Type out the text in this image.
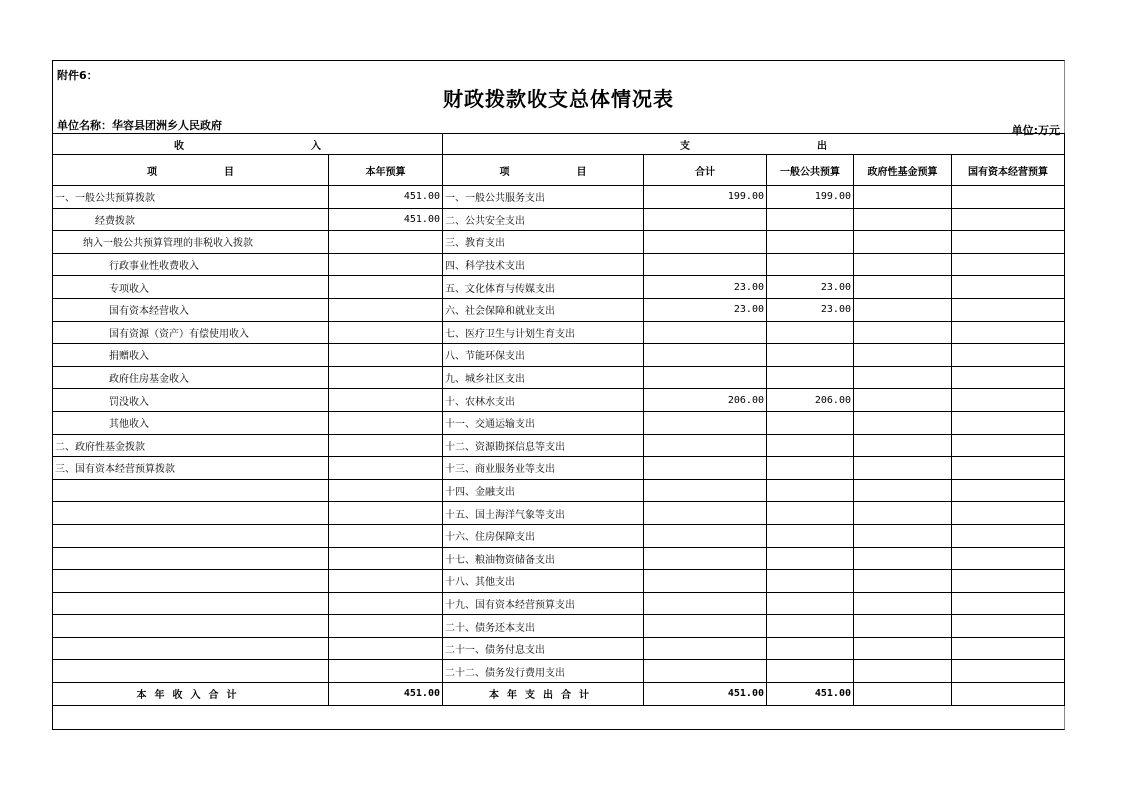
附件6：
财政拨款收支总体情况表
单位名称：华容县团洲乡人民政府	单位:万元
收 入		支 出				
项 目	本年预算	项 目	合计	一般公共预算	政府性基金预算	国有资本经营预算
一、一般公共预算拨款	451.00	一、一般公共服务支出	199.00	199.00		
经费拨款	451.00	二、公共安全支出				
纳入一般公共预算管理的非税收入拨款		三、教育支出				
行政事业性收费收入		四、科学技术支出				
专项收入		五、文化体育与传媒支出	23.00	23.00		
国有资本经营收入		六、社会保障和就业支出	23.00	23.00		
国有资源（资产）有偿使用收入		七、医疗卫生与计划生育支出				
捐赠收入		八、节能环保支出				
政府住房基金收入		九、城乡社区支出				
罚没收入		十、农林水支出	206.00	206.00		
其他收入		十一、交通运输支出				
二、政府性基金拨款		十二、资源勘探信息等支出				
三、国有资本经营预算拨款		十三、商业服务业等支出				
		十四、金融支出				
		十五、国土海洋气象等支出				
		十六、住房保障支出				
		十七、粮油物资储备支出				
		十八、其他支出				
		十九、国有资本经营预算支出				
		二十、债务还本支出				
		二十一、债务付息支出				
		二十二、债务发行费用支出				
本年收入合计	451.00	本年支出合计	451.00	451.00		
